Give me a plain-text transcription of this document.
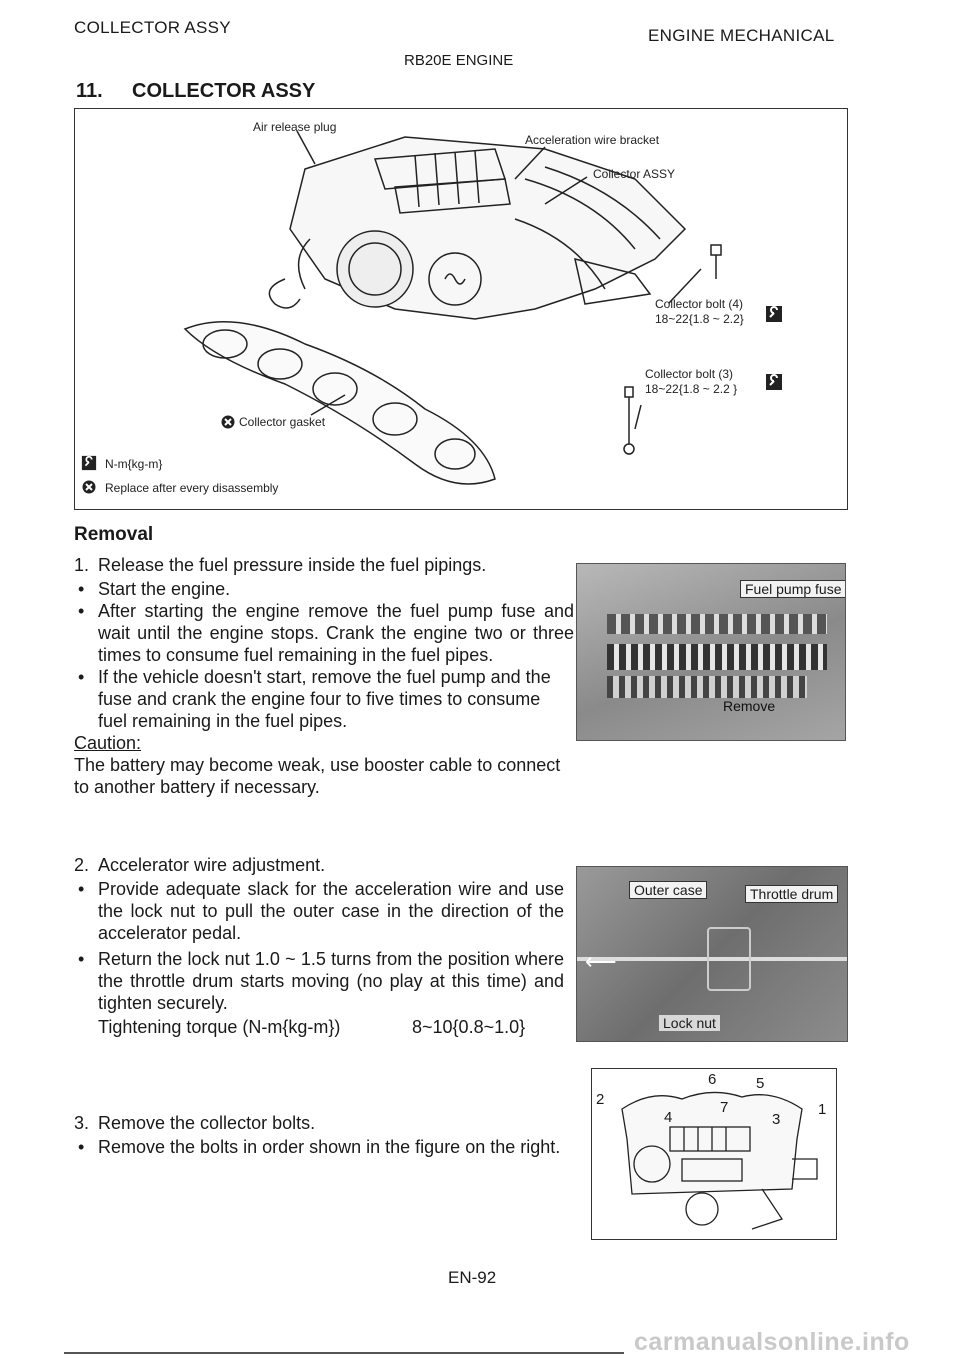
COLLECTOR ASSY	ENGINE MECHANICAL
RB20E ENGINE
11. COLLECTOR ASSY
Air release plug
Acceleration wire bracket
Collector ASSY
Collector bolt (4)
18~22{1.8 ~ 2.2}
Collector bolt (3)
18~22{1.8 ~ 2.2 }
Collector gasket
N-m{kg-m}
Replace after every disassembly
Removal
1. Release the fuel pressure inside the fuel pipings.
• Start the engine.
• After starting the engine remove the fuel pump fuse and wait until the engine stops. Crank the engine two or three times to consume fuel remaining in the fuel pipes.
• If the vehicle doesn't start, remove the fuel pump and the fuse and crank the engine four to five times to consume fuel remaining in the fuel pipes.
Caution:
The battery may become weak, use booster cable to connect to another battery if necessary.
Fuel pump fuse
Remove
2. Accelerator wire adjustment.
• Provide adequate slack for the acceleration wire and use the lock nut to pull the outer case in the direction of the accelerator pedal.
• Return the lock nut 1.0 ~ 1.5 turns from the position where the throttle drum starts moving (no play at this time) and tighten securely.
Tightening torque (N-m{kg-m})	8~10{0.8~1.0}
⟵
Outer case	Throttle drum
Lock nut
3. Remove the collector bolts.
• Remove the bolts in order shown in the figure on the right.
6	5
2
1
7
4	3
EN-92
carmanualsonline.info
